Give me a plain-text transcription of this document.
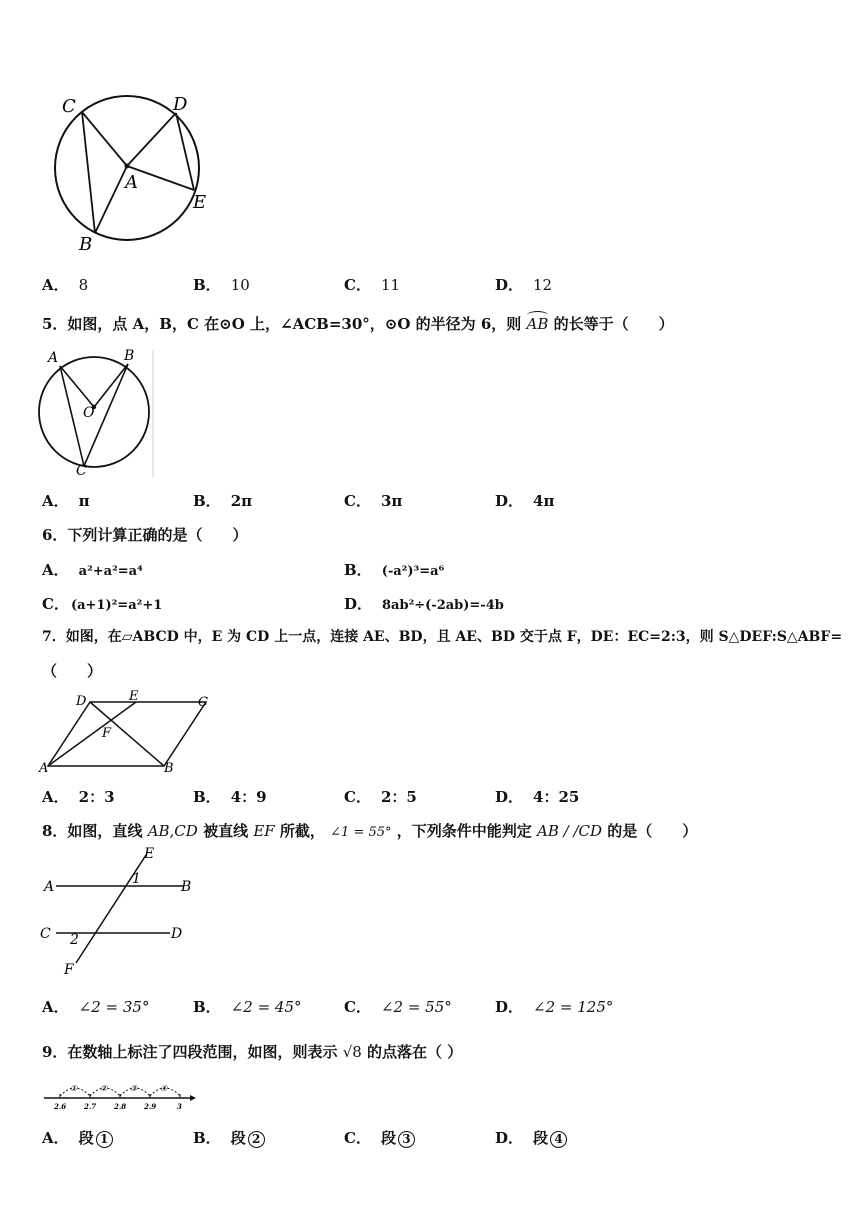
C	D
A
E
B
A． 8	B． 10	C． 11	D． 12
5．如图，点 A，B，C 在⊙O 上，∠ACB=30°，⊙O 的半径为 6，则 AB 的长等于（　　）
A	B
O
C
A． π	B． 2π	C． 3π	D． 4π
6．下列计算正确的是（　　）
A． a²+a²=a⁴	B． (-a²)³=a⁶
C． (a+1)²=a²+1	D． 8ab²÷(-2ab)=-4b
7．如图，在▱ABCD 中，E 为 CD 上一点，连接 AE、BD，且 AE、BD 交于点 F，DE：EC=2:3，则 S△DEF:S△ABF=
（　　）
D	E	C
F
A	B
A． 2：3	B． 4：9	C． 2：5	D． 4：25
8．如图，直线 AB,CD 被直线 EF 所截， ∠1 = 55° ，下列条件中能判定 AB / /CD 的是（　　）
E
A	1	B
C 2	D
F
A． ∠2 = 35°	B． ∠2 = 45°	C． ∠2 = 55°	D． ∠2 = 125°
9．在数轴上标注了四段范围，如图，则表示 √8 的点落在（ ）
①	②	③	④
2.6	2.7	2.8	2.9	3
A． 段 1	B． 段 2	C． 段 3	D． 段 4
